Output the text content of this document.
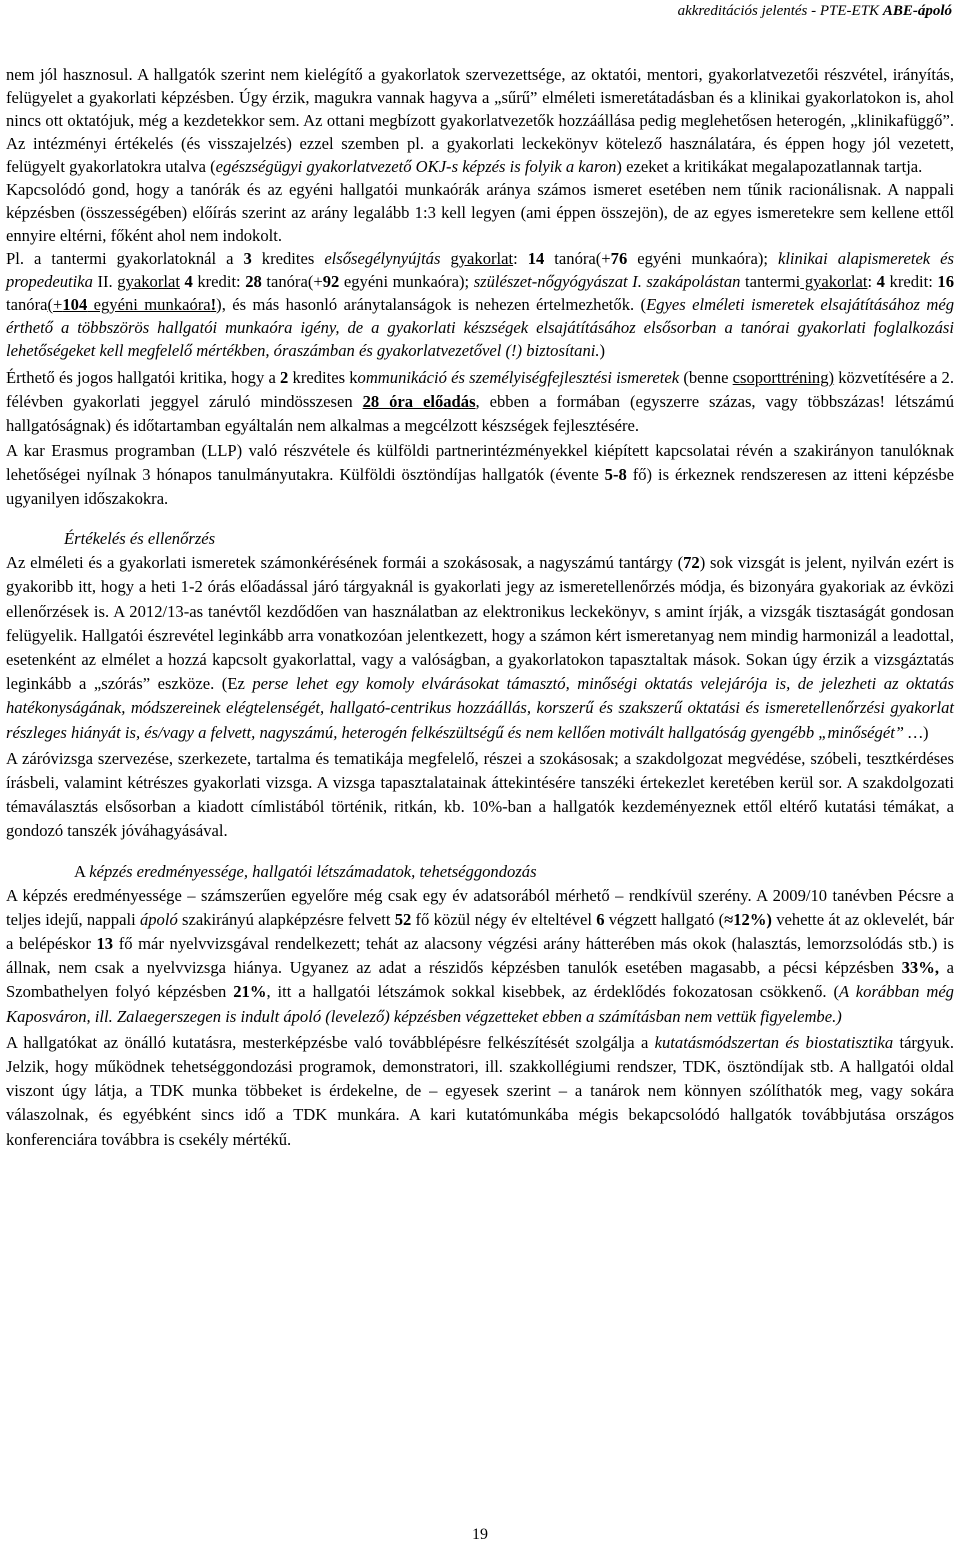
akkreditációs jelentés - PTE-ETK ABE-ápoló

nem jól hasznosul. A hallgatók szerint nem kielégítő a gyakorlatok szervezettsége, az oktatói, mentori, gyakorlatvezetői részvétel, irányítás, felügyelet a gyakorlati képzésben. Úgy érzik, magukra vannak hagyva a „sűrű” elméleti ismeretátadásban és a klinikai gyakorlatokon is, ahol nincs ott oktatójuk, még a kezdetekkor sem. Az ottani megbízott gyakorlatvezetők hozzáállása pedig meglehetősen heterogén, „klinikafüggő”. Az intézményi értékelés (és visszajelzés) ezzel szemben pl. a gyakorlati leckekönyv kötelező használatára, és éppen hogy jól vezetett, felügyelt gyakorlatokra utalva (egészségügyi gyakorlatvezető OKJ-s képzés is folyik a karon) ezeket a kritikákat megalapozatlannak tartja.

Kapcsolódó gond, hogy a tanórák és az egyéni hallgatói munkaórák aránya számos ismeret esetében nem tűnik racionálisnak. A nappali képzésben (összességében) előírás szerint az arány legalább 1:3 kell legyen (ami éppen összejön), de az egyes ismeretekre sem kellene ettől ennyire eltérni, főként ahol nem indokolt.

Pl. a tantermi gyakorlatoknál a 3 kredites elsősegélynyújtás gyakorlat: 14 tanóra(+76 egyéni munkaóra); klinikai alapismeretek és propedeutika II. gyakorlat 4 kredit: 28 tanóra(+92 egyéni munkaóra); szülészet-nőgyógyászat I. szakápolástan tantermi gyakorlat: 4 kredit: 16 tanóra(+104 egyéni munkaóra!), és más hasonló aránytalanságok is nehezen értelmezhetők. (Egyes elméleti ismeretek elsajátításához még érthető a többszörös hallgatói munkaóra igény, de a gyakorlati készségek elsajátításához elsősorban a tanórai gyakorlati foglalkozási lehetőségeket kell megfelelő mértékben, óraszámban és gyakorlatvezetővel (!) biztosítani.)

Érthető és jogos hallgatói kritika, hogy a 2 kredites kommunikáció és személyiségfejlesztési ismeretek (benne csoporttréning) közvetítésére a 2. félévben gyakorlati jeggyel záruló mindösszesen 28 óra előadás, ebben a formában (egyszerre százas, vagy többszázas! létszámú hallgatóságnak) és időtartamban egyáltalán nem alkalmas a megcélzott készségek fejlesztésére.

A kar Erasmus programban (LLP) való részvétele és külföldi partnerintézményekkel kiépített kapcsolatai révén a szakirányon tanulóknak lehetőségei nyílnak 3 hónapos tanulmányutakra. Külföldi ösztöndíjas hallgatók (évente 5-8 fő) is érkeznek rendszeresen az itteni képzésbe ugyanilyen időszakokra.

Értékelés és ellenőrzés

Az elméleti és a gyakorlati ismeretek számonkérésének formái a szokásosak, a nagyszámú tantárgy (72) sok vizsgát is jelent, nyilván ezért is gyakoribb itt, hogy a heti 1-2 órás előadással járó tárgyaknál is gyakorlati jegy az ismeretellenőrzés módja, és bizonyára gyakoriak az évközi ellenőrzések is. A 2012/13-as tanévtől kezdődően van használatban az elektronikus leckekönyv, s amint írják, a vizsgák tisztaságát gondosan felügyelik. Hallgatói észrevétel leginkább arra vonatkozóan jelentkezett, hogy a számon kért ismeretanyag nem mindig harmonizál a leadottal, esetenként az elmélet a hozzá kapcsolt gyakorlattal, vagy a valóságban, a gyakorlatokon tapasztaltak mások. Sokan úgy érzik a vizsgáztatás leginkább a „szórás” eszköze. (Ez perse lehet egy komoly elvárásokat támasztó, minőségi oktatás velejárója is, de jelezheti az oktatás hatékonyságának, módszereinek elégtelenségét, hallgató-centrikus hozzáállás, korszerű és szakszerű oktatási és ismeretellenőrzési gyakorlat részleges hiányát is, és/vagy a felvett, nagyszámú, heterogén felkészültségű és nem kellően motivált hallgatóság gyengébb „minőségét” …)

A záróvizsga szervezése, szerkezete, tartalma és tematikája megfelelő, részei a szokásosak; a szakdolgozat megvédése, szóbeli, tesztkérdéses írásbeli, valamint kétrészes gyakorlati vizsga. A vizsga tapasztalatainak áttekintésére tanszéki értekezlet keretében kerül sor. A szakdolgozati témaválasztás elsősorban a kiadott címlistából történik, ritkán, kb. 10%-ban a hallgatók kezdeményeznek ettől eltérő kutatási témákat, a gondozó tanszék jóváhagyásával.

A képzés eredményessége, hallgatói létszámadatok, tehetséggondozás

A képzés eredményessége – számszerűen egyelőre még csak egy év adatsorából mérhető – rendkívül szerény. A 2009/10 tanévben Pécsre a teljes idejű, nappali ápoló szakirányú alapképzésre felvett 52 fő közül négy év elteltével 6 végzett hallgató (≈12%) vehette át az oklevelét, bár a belépéskor 13 fő már nyelvvizsgával rendelkezett; tehát az alacsony végzési arány hátterében más okok (halasztás, lemorzsolódás stb.) is állnak, nem csak a nyelvvizsga hiánya. Ugyanez az adat a részidős képzésben tanulók esetében magasabb, a pécsi képzésben 33%, a Szombathelyen folyó képzésben 21%, itt a hallgatói létszámok sokkal kisebbek, az érdeklődés fokozatosan csökkenő. (A korábban még Kaposváron, ill. Zalaegerszegen is indult ápoló (levelező) képzésben végzetteket ebben a számításban nem vettük figyelembe.)

A hallgatókat az önálló kutatásra, mesterképzésbe való továbblépésre felkészítését szolgálja a kutatásmódszertan és biostatisztika tárgyuk. Jelzik, hogy működnek tehetséggondozási programok, demonstratori, ill. szakkollégiumi rendszer, TDK, ösztöndíjak stb. A hallgatói oldal viszont úgy látja, a TDK munka többeket is érdekelne, de – egyesek szerint – a tanárok nem könnyen szólíthatók meg, vagy sokára válaszolnak, és egyébként sincs idő a TDK munkára. A kari kutatómunkába mégis bekapcsolódó hallgatók továbbjutása országos konferenciára továbbra is csekély mértékű.

19
